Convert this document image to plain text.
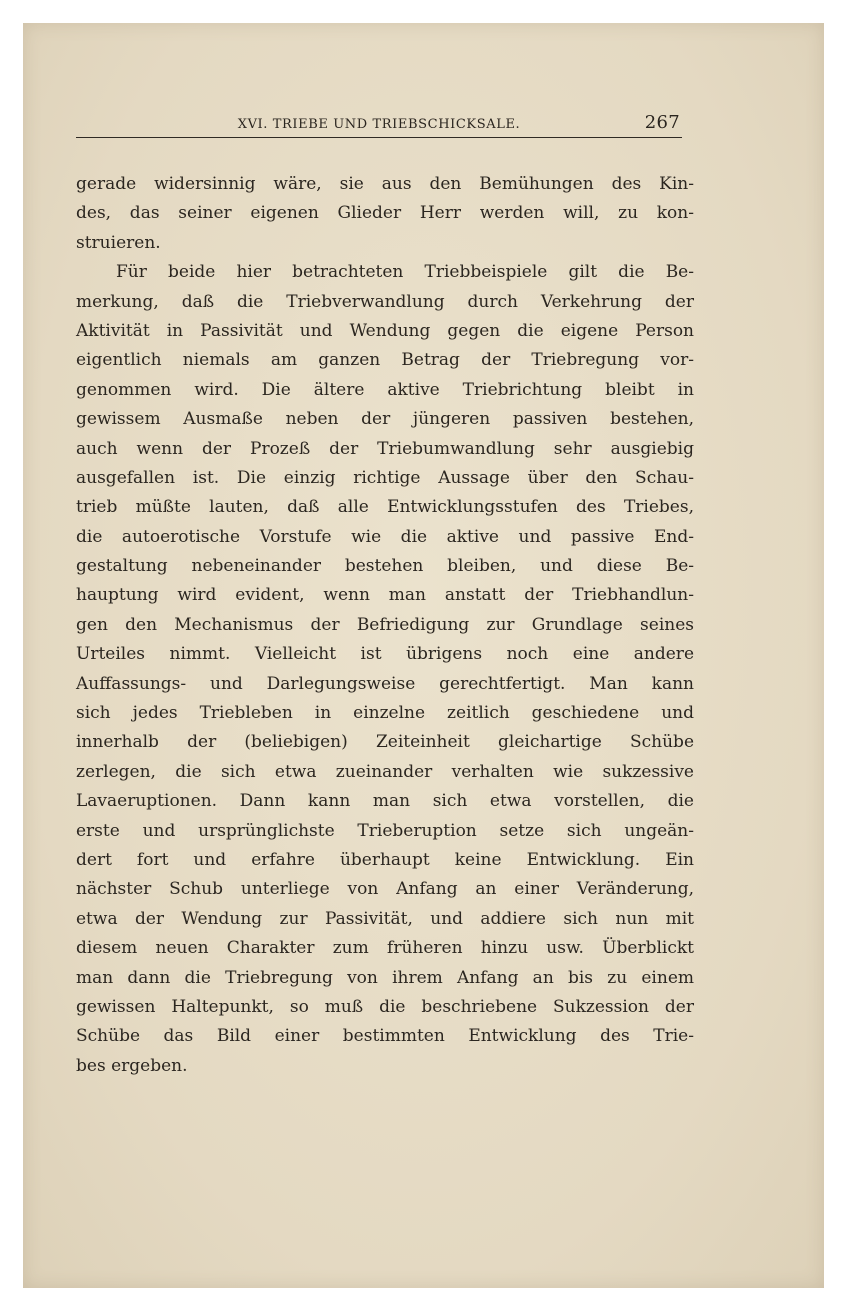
XVI. TRIEBE UND TRIEBSCHICKSALE.	267
gerade widersinnig wäre, sie aus den Bemühungen des Kin-
des, das seiner eigenen Glieder Herr werden will, zu kon-
struieren.
Für beide hier betrachteten Triebbeispiele gilt die Be-
merkung, daß die Triebverwandlung durch Verkehrung der
Aktivität in Passivität und Wendung gegen die eigene Person
eigentlich niemals am ganzen Betrag der Triebregung vor-
genommen wird. Die ältere aktive Triebrichtung bleibt in
gewissem Ausmaße neben der jüngeren passiven bestehen,
auch wenn der Prozeß der Triebumwandlung sehr ausgiebig
ausgefallen ist. Die einzig richtige Aussage über den Schau-
trieb müßte lauten, daß alle Entwicklungsstufen des Triebes,
die autoerotische Vorstufe wie die aktive und passive End-
gestaltung nebeneinander bestehen bleiben, und diese Be-
hauptung wird evident, wenn man anstatt der Triebhandlun-
gen den Mechanismus der Befriedigung zur Grundlage seines
Urteiles nimmt. Vielleicht ist übrigens noch eine andere
Auffassungs- und Darlegungsweise gerechtfertigt. Man kann
sich jedes Triebleben in einzelne zeitlich geschiedene und
innerhalb der (beliebigen) Zeiteinheit gleichartige Schübe
zerlegen, die sich etwa zueinander verhalten wie sukzessive
Lavaeruptionen. Dann kann man sich etwa vorstellen, die
erste und ursprünglichste Trieberuption setze sich ungeän-
dert fort und erfahre überhaupt keine Entwicklung. Ein
nächster Schub unterliege von Anfang an einer Veränderung,
etwa der Wendung zur Passivität, und addiere sich nun mit
diesem neuen Charakter zum früheren hinzu usw. Überblickt
man dann die Triebregung von ihrem Anfang an bis zu einem
gewissen Haltepunkt, so muß die beschriebene Sukzession der
Schübe das Bild einer bestimmten Entwicklung des Trie-
bes ergeben.
